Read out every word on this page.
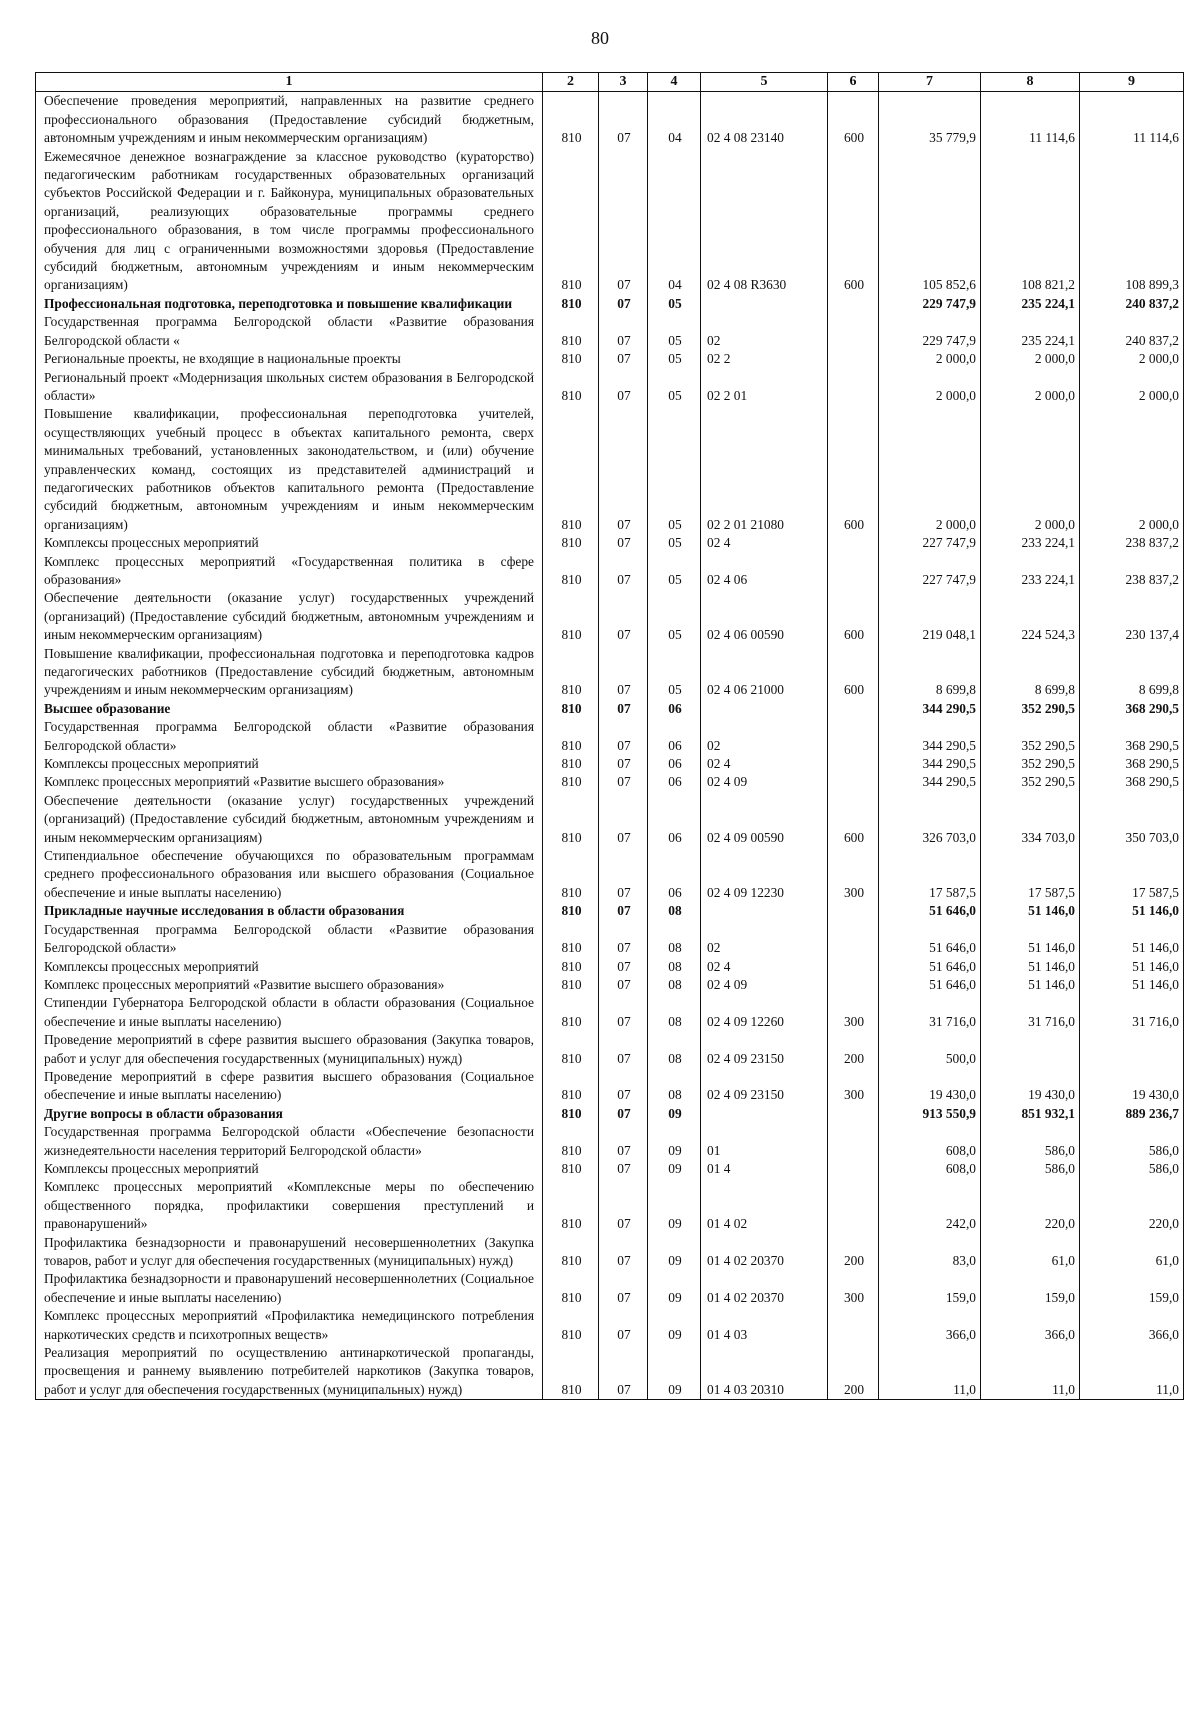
80
1	2	3	4	5	6	7	8	9
Обеспечение проведения мероприятий, направленных на развитие среднего профессионального образования (Предоставление субсидий бюджетным, автономным учреждениям и иным некоммерческим организациям)	810	07	04	02 4 08 23140	600	35 779,9	11 114,6	11 114,6
Ежемесячное денежное вознаграждение за классное руководство (кураторство) педагогическим работникам государственных образовательных организаций субъектов Российской Федерации и г. Байконура, муниципальных образовательных организаций, реализующих образовательные программы среднего профессионального образования, в том числе программы профессионального обучения для лиц с ограниченными возможностями здоровья (Предоставление субсидий бюджетным, автономным учреждениям и иным некоммерческим организациям)	810	07	04	02 4 08 R3630	600	105 852,6	108 821,2	108 899,3
Профессиональная подготовка, переподготовка и повышение квалификации	810	07	05			229 747,9	235 224,1	240 837,2
Государственная программа Белгородской области «Развитие образования Белгородской области «	810	07	05	02		229 747,9	235 224,1	240 837,2
Региональные проекты, не входящие в национальные проекты	810	07	05	02 2		2 000,0	2 000,0	2 000,0
Региональный проект «Модернизация школьных систем образования в Белгородской области»	810	07	05	02 2 01		2 000,0	2 000,0	2 000,0
Повышение квалификации, профессиональная переподготовка учителей, осуществляющих учебный процесс в объектах капитального ремонта, сверх минимальных требований, установленных законодательством, и (или) обучение управленческих команд, состоящих из представителей администраций и педагогических работников объектов капитального ремонта (Предоставление субсидий бюджетным, автономным учреждениям и иным некоммерческим организациям)	810	07	05	02 2 01 21080	600	2 000,0	2 000,0	2 000,0
Комплексы процессных мероприятий	810	07	05	02 4		227 747,9	233 224,1	238 837,2
Комплекс процессных мероприятий «Государственная политика в сфере образования»	810	07	05	02 4 06		227 747,9	233 224,1	238 837,2
Обеспечение деятельности (оказание услуг) государственных учреждений (организаций) (Предоставление субсидий бюджетным, автономным учреждениям и иным некоммерческим организациям)	810	07	05	02 4 06 00590	600	219 048,1	224 524,3	230 137,4
Повышение квалификации, профессиональная подготовка и переподготовка кадров педагогических работников (Предоставление субсидий бюджетным, автономным учреждениям и иным некоммерческим организациям)	810	07	05	02 4 06 21000	600	8 699,8	8 699,8	8 699,8
Высшее образование	810	07	06			344 290,5	352 290,5	368 290,5
Государственная программа Белгородской области «Развитие образования Белгородской области»	810	07	06	02		344 290,5	352 290,5	368 290,5
Комплексы процессных мероприятий	810	07	06	02 4		344 290,5	352 290,5	368 290,5
Комплекс процессных мероприятий «Развитие высшего образования»	810	07	06	02 4 09		344 290,5	352 290,5	368 290,5
Обеспечение деятельности (оказание услуг) государственных учреждений (организаций) (Предоставление субсидий бюджетным, автономным учреждениям и иным некоммерческим организациям)	810	07	06	02 4 09 00590	600	326 703,0	334 703,0	350 703,0
Стипендиальное обеспечение обучающихся по образовательным программам среднего профессионального образования или высшего образования (Социальное обеспечение и иные выплаты населению)	810	07	06	02 4 09 12230	300	17 587,5	17 587,5	17 587,5
Прикладные научные исследования в области образования	810	07	08			51 646,0	51 146,0	51 146,0
Государственная программа Белгородской области «Развитие образования Белгородской области»	810	07	08	02		51 646,0	51 146,0	51 146,0
Комплексы процессных мероприятий	810	07	08	02 4		51 646,0	51 146,0	51 146,0
Комплекс процессных мероприятий «Развитие высшего образования»	810	07	08	02 4 09		51 646,0	51 146,0	51 146,0
Стипендии Губернатора Белгородской области в области образования (Социальное обеспечение и иные выплаты населению)	810	07	08	02 4 09 12260	300	31 716,0	31 716,0	31 716,0
Проведение мероприятий в сфере развития высшего образования (Закупка товаров, работ и услуг для обеспечения государственных (муниципальных) нужд)	810	07	08	02 4 09 23150	200	500,0		
Проведение мероприятий в сфере развития высшего образования (Социальное обеспечение и иные выплаты населению)	810	07	08	02 4 09 23150	300	19 430,0	19 430,0	19 430,0
Другие вопросы в области образования	810	07	09			913 550,9	851 932,1	889 236,7
Государственная программа Белгородской области «Обеспечение безопасности жизнедеятельности населения территорий Белгородской области»	810	07	09	01		608,0	586,0	586,0
Комплексы процессных мероприятий	810	07	09	01 4		608,0	586,0	586,0
Комплекс процессных мероприятий «Комплексные меры по обеспечению общественного порядка, профилактики совершения преступлений и правонарушений»	810	07	09	01 4 02		242,0	220,0	220,0
Профилактика безнадзорности и правонарушений несовершеннолетних (Закупка товаров, работ и услуг для обеспечения государственных (муниципальных) нужд)	810	07	09	01 4 02 20370	200	83,0	61,0	61,0
Профилактика безнадзорности и правонарушений несовершеннолетних (Социальное обеспечение и иные выплаты населению)	810	07	09	01 4 02 20370	300	159,0	159,0	159,0
Комплекс процессных мероприятий «Профилактика немедицинского потребления наркотических средств и психотропных веществ»	810	07	09	01 4 03		366,0	366,0	366,0
Реализация мероприятий по осуществлению антинаркотической пропаганды, просвещения и раннему выявлению потребителей наркотиков (Закупка товаров, работ и услуг для обеспечения государственных (муниципальных) нужд)	810	07	09	01 4 03 20310	200	11,0	11,0	11,0
